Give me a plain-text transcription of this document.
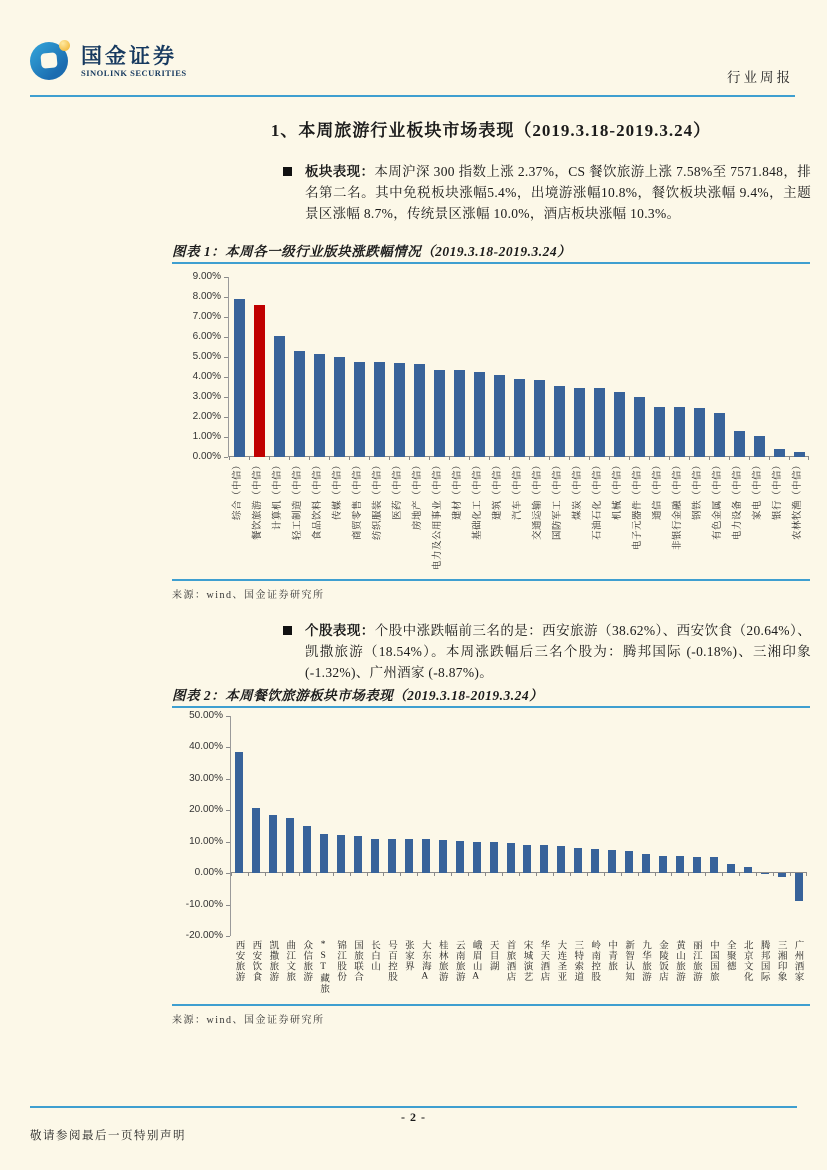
国金证券
SINOLINK SECURITIES	行业周报
1、本周旅游行业板块市场表现（2019.3.18-2019.3.24）
板块表现：本周沪深 300 指数上涨 2.37%，CS 餐饮旅游上涨 7.58%至 7571.848，排名第二名。其中免税板块涨幅5.4%，出境游涨幅10.8%，餐饮板块涨幅 9.4%，主题景区涨幅 8.7%，传统景区涨幅 10.0%，酒店板块涨幅 10.3%。
图表 1：本周各一级行业版块涨跌幅情况（2019.3.18-2019.3.24）
9.00%
8.00%
7.00%
6.00%
5.00%
4.00%
3.00%
2.00%
1.00%
0.00%
综合（中信） 餐饮旅游（中信） 计算机（中信） 轻工制造（中信） 食品饮料（中信） 传媒（中信） 商贸零售（中信） 纺织服装（中信） 医药（中信） 房地产（中信） 电力及公用事业（中信） 建材（中信） 基础化工（中信） 建筑（中信） 汽车（中信） 交通运输（中信） 国防军工（中信） 煤炭（中信） 石油石化（中信） 机械（中信） 电子元器件（中信） 通信（中信） 非银行金融（中信） 钢铁（中信） 有色金属（中信） 电力设备（中信） 家电（中信） 银行（中信） 农林牧渔（中信）
来源：wind、国金证券研究所
个股表现：个股中涨跌幅前三名的是：西安旅游（38.62%）、西安饮食（20.64%）、凯撒旅游（18.54%）。本周涨跌幅后三名个股为：腾邦国际 (-0.18%)、三湘印象 (-1.32%)、广州酒家 (-8.87%)。
图表 2：本周餐饮旅游板块市场表现（2019.3.18-2019.3.24）
50.00%
40.00%
30.00%
20.00%
10.00%
0.00%
-10.00%
-20.00%
西安旅游 西安饮食 凯撒旅游 曲江文旅 众信旅游 *ST藏旅 锦江股份 国旅联合 长白山 号百控股 张家界 大东海A 桂林旅游 云南旅游 峨眉山A 天目湖 首旅酒店 宋城演艺 华天酒店 大连圣亚 三特索道 岭南控股 中青旅 新智认知 九华旅游 金陵饭店 黄山旅游 丽江旅游 中国国旅 全聚德 北京文化 腾邦国际 三湘印象 广州酒家
来源：wind、国金证券研究所
- 2 -
敬请参阅最后一页特别声明
